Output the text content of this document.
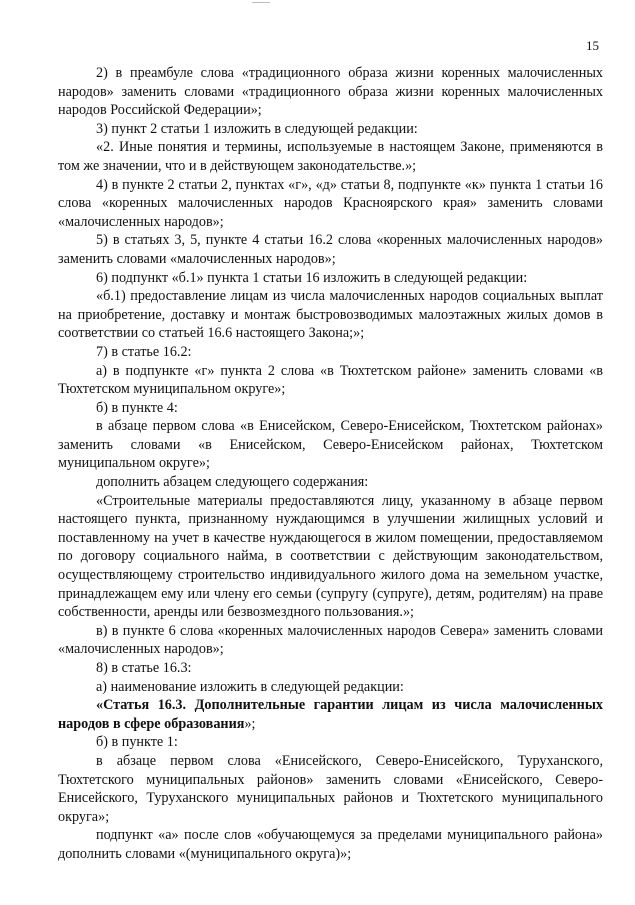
15

2) в преамбуле слова «традиционного образа жизни коренных малочисленных народов» заменить словами «традиционного образа жизни коренных малочисленных народов Российской Федерации»;

3) пункт 2 статьи 1 изложить в следующей редакции:

«2. Иные понятия и термины, используемые в настоящем Законе, применяются в том же значении, что и в действующем законодательстве.»;

4) в пункте 2 статьи 2, пунктах «г», «д» статьи 8, подпункте «к» пункта 1 статьи 16 слова «коренных малочисленных народов Красноярского края» заменить словами «малочисленных народов»;

5) в статьях 3, 5, пункте 4 статьи 16.2 слова «коренных малочисленных народов» заменить словами «малочисленных народов»;

6) подпункт «б.1» пункта 1 статьи 16 изложить в следующей редакции:

«б.1) предоставление лицам из числа малочисленных народов социальных выплат на приобретение, доставку и монтаж быстровозводимых малоэтажных жилых домов в соответствии со статьей 16.6 настоящего Закона;»;

7) в статье 16.2:

а) в подпункте «г» пункта 2 слова «в Тюхтетском районе» заменить словами «в Тюхтетском муниципальном округе»;

б) в пункте 4:

в абзаце первом слова «в Енисейском, Северо-Енисейском, Тюхтетском районах» заменить словами «в Енисейском, Северо-Енисейском районах, Тюхтетском муниципальном округе»;

дополнить абзацем следующего содержания:

«Строительные материалы предоставляются лицу, указанному в абзаце первом настоящего пункта, признанному нуждающимся в улучшении жилищных условий и поставленному на учет в качестве нуждающегося в жилом помещении, предоставляемом по договору социального найма, в соответствии с действующим законодательством, осуществляющему строительство индивидуального жилого дома на земельном участке, принадлежащем ему или члену его семьи (супругу (супруге), детям, родителям) на праве собственности, аренды или безвозмездного пользования.»;

в) в пункте 6 слова «коренных малочисленных народов Севера» заменить словами «малочисленных народов»;

8) в статье 16.3:

а) наименование изложить в следующей редакции:

«Статья 16.3. Дополнительные гарантии лицам из числа малочисленных народов в сфере образования»;

б) в пункте 1:

в абзаце первом слова «Енисейского, Северо-Енисейского, Туруханского, Тюхтетского муниципальных районов» заменить словами «Енисейского, Северо-Енисейского, Туруханского муниципальных районов и Тюхтетского муниципального округа»;

подпункт «а» после слов «обучающемуся за пределами муниципального района» дополнить словами «(муниципального округа)»;
